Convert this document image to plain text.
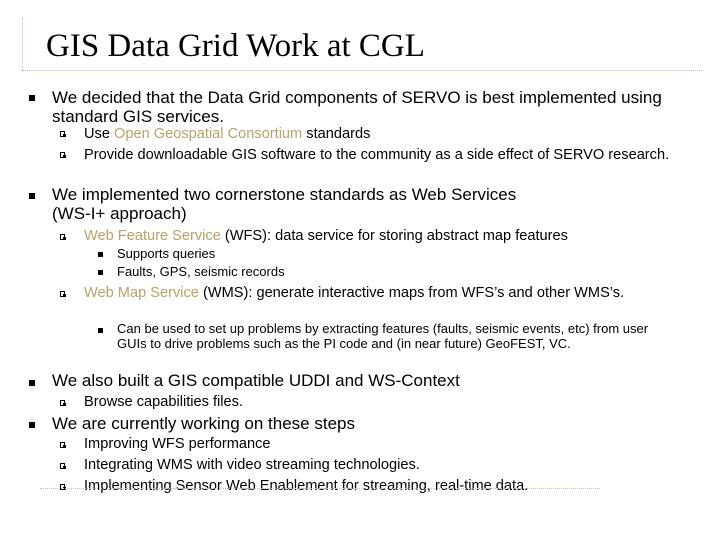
GIS Data Grid Work at CGL
We decided that the Data Grid components of SERVO is best implemented using standard GIS services.
Use Open Geospatial Consortium standards
Provide downloadable GIS software to the community as a side effect of SERVO research.
We implemented two cornerstone standards as Web Services (WS-I+ approach)
Web Feature Service (WFS): data service for storing abstract map features
Supports queries
Faults, GPS, seismic records
Web Map Service (WMS): generate interactive maps from WFS’s and other WMS’s.
Can be used to set up problems by extracting features (faults, seismic events, etc) from user GUIs to drive problems such as the PI code and (in near future) GeoFEST, VC.
We also built a GIS compatible UDDI and WS-Context
Browse capabilities files.
We are currently working on these steps
Improving WFS performance
Integrating WMS with video streaming technologies.
Implementing Sensor Web Enablement for streaming, real-time data.
